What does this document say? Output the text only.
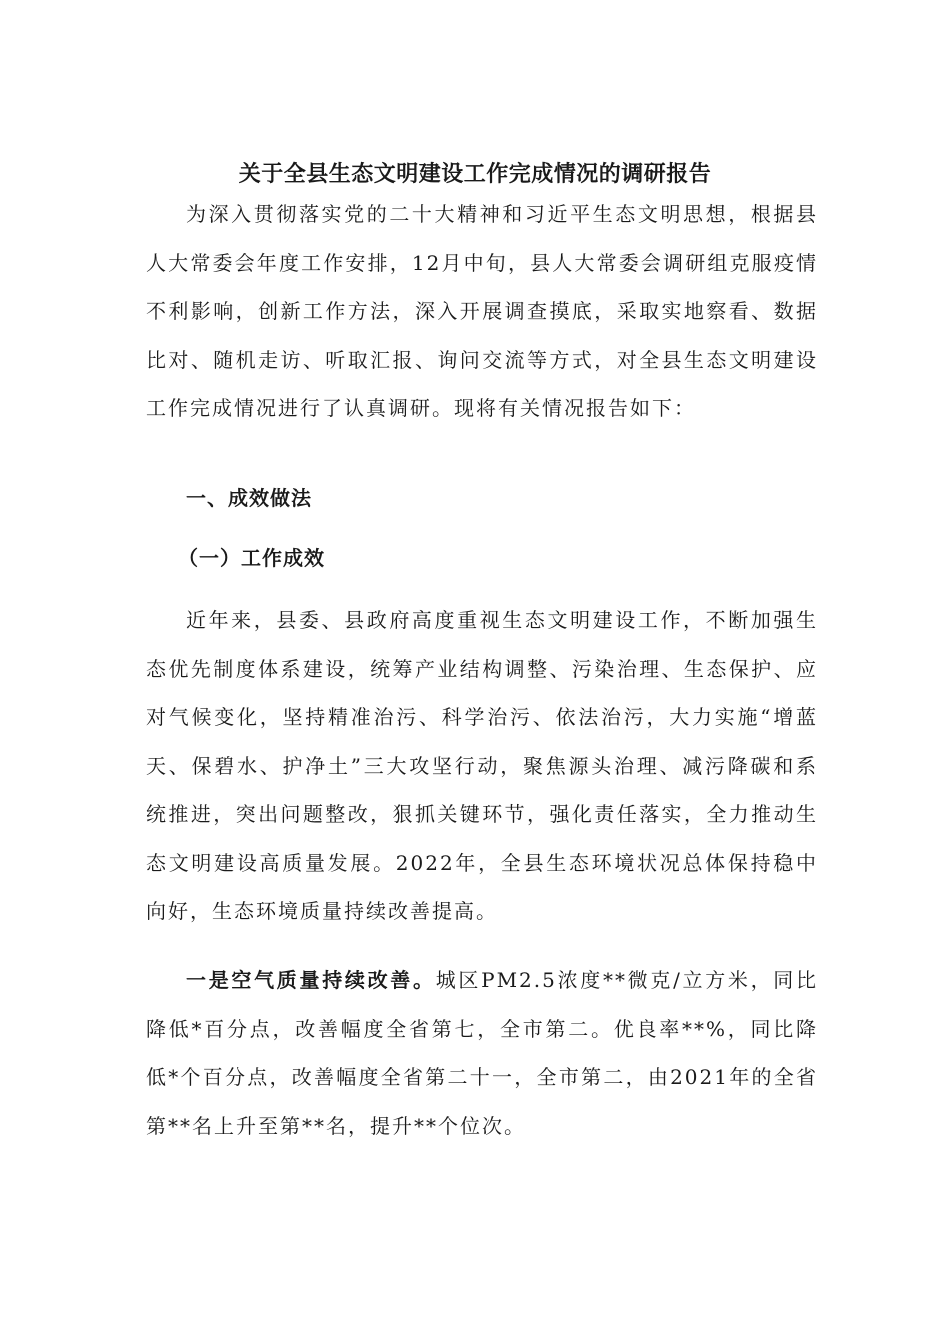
关于全县生态文明建设工作完成情况的调研报告

为深入贯彻落实党的二十大精神和习近平生态文明思想，根据县人大常委会年度工作安排，12月中旬，县人大常委会调研组克服疫情不利影响，创新工作方法，深入开展调查摸底，采取实地察看、数据比对、随机走访、听取汇报、询问交流等方式，对全县生态文明建设工作完成情况进行了认真调研。现将有关情况报告如下：

一、成效做法
（一）工作成效

近年来，县委、县政府高度重视生态文明建设工作，不断加强生态优先制度体系建设，统筹产业结构调整、污染治理、生态保护、应对气候变化，坚持精准治污、科学治污、依法治污，大力实施“增蓝天、保碧水、护净土”三大攻坚行动，聚焦源头治理、减污降碳和系统推进，突出问题整改，狠抓关键环节，强化责任落实，全力推动生态文明建设高质量发展。2022年，全县生态环境状况总体保持稳中向好，生态环境质量持续改善提高。

一是空气质量持续改善。城区PM2.5浓度**微克/立方米，同比降低*百分点，改善幅度全省第七，全市第二。优良率**%，同比降低*个百分点，改善幅度全省第二十一，全市第二，由2021年的全省第**名上升至第**名，提升**个位次。
